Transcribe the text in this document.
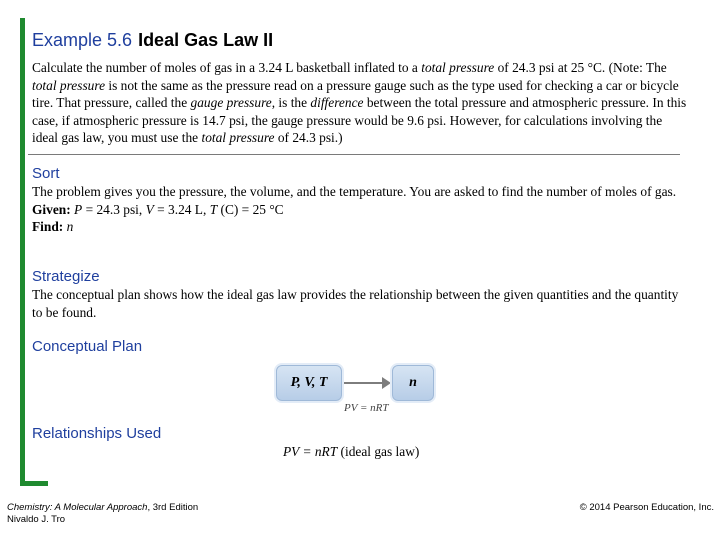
Example 5.6 Ideal Gas Law II
Calculate the number of moles of gas in a 3.24 L basketball inflated to a total pressure of 24.3 psi at 25 °C. (Note: The total pressure is not the same as the pressure read on a pressure gauge such as the type used for checking a car or bicycle tire. That pressure, called the gauge pressure, is the difference between the total pressure and atmospheric pressure. In this case, if atmospheric pressure is 14.7 psi, the gauge pressure would be 9.6 psi. However, for calculations involving the ideal gas law, you must use the total pressure of 24.3 psi.)
Sort
The problem gives you the pressure, the volume, and the temperature. You are asked to find the number of moles of gas.
Given: P = 24.3 psi, V = 3.24 L, T (C) = 25 °C
Find: n
Strategize
The conceptual plan shows how the ideal gas law provides the relationship between the given quantities and the quantity to be found.
Conceptual Plan
P, V, T	n
PV = nRT
Relationships Used
PV = nRT (ideal gas law)
Chemistry: A Molecular Approach, 3rd Edition
Nivaldo J. Tro
© 2014 Pearson Education, Inc.
